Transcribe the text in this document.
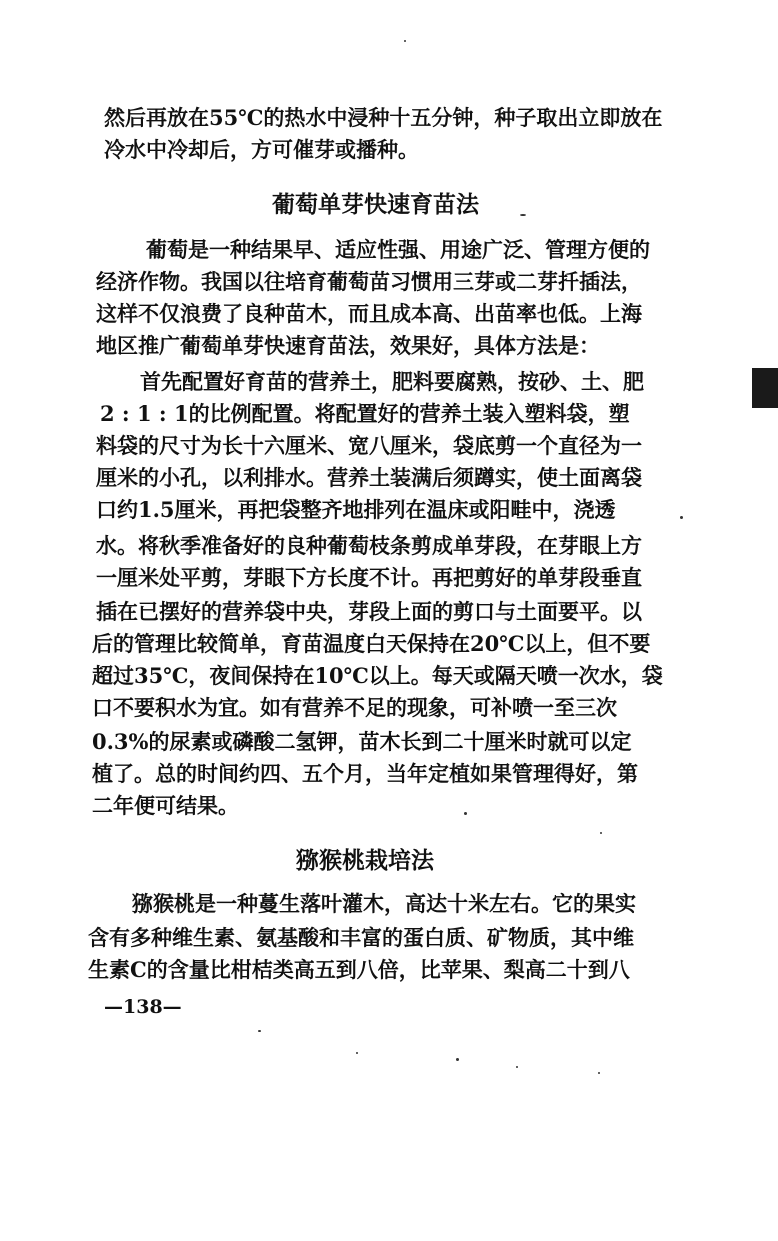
然后再放在55℃的热水中浸种十五分钟，种子取出立即放在
冷水中冷却后，方可催芽或播种。
葡萄单芽快速育苗法
葡萄是一种结果早、适应性强、用途广泛、管理方便的
经济作物。我国以往培育葡萄苗习惯用三芽或二芽扦插法，
这样不仅浪费了良种苗木，而且成本高、出苗率也低。上海
地区推广葡萄单芽快速育苗法，效果好，具体方法是：
首先配置好育苗的营养土，肥料要腐熟，按砂、土、肥
2 : 1 : 1的比例配置。将配置好的营养土装入塑料袋，塑
料袋的尺寸为长十六厘米、宽八厘米，袋底剪一个直径为一
厘米的小孔，以利排水。营养土装满后须蹲实，使土面离袋
口约1.5厘米，再把袋整齐地排列在温床或阳畦中，浇透
水。将秋季准备好的良种葡萄枝条剪成单芽段，在芽眼上方
一厘米处平剪，芽眼下方长度不计。再把剪好的单芽段垂直
插在已摆好的营养袋中央，芽段上面的剪口与土面要平。以
后的管理比较简单，育苗温度白天保持在20℃以上，但不要
超过35℃，夜间保持在10℃以上。每天或隔天喷一次水，袋
口不要积水为宜。如有营养不足的现象，可补喷一至三次
0.3%的尿素或磷酸二氢钾，苗木长到二十厘米时就可以定
植了。总的时间约四、五个月，当年定植如果管理得好，第
二年便可结果。
猕猴桃栽培法
猕猴桃是一种蔓生落叶灌木，高达十米左右。它的果实
含有多种维生素、氨基酸和丰富的蛋白质、矿物质，其中维
生素C的含量比柑桔类高五到八倍，比苹果、梨高二十到八
—138—
